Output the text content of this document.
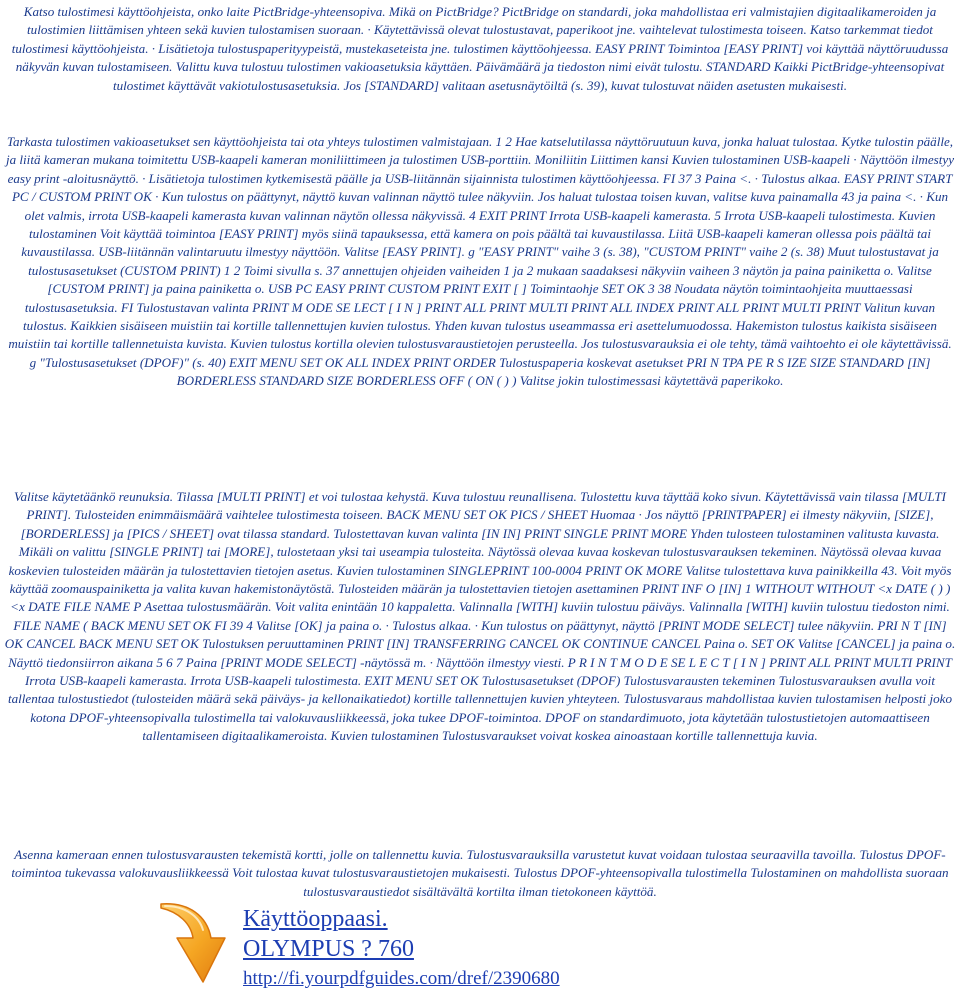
Katso tulostimesi käyttöohjeista, onko laite PictBridge-yhteensopiva. Mikä on PictBridge? PictBridge on standardi, joka mahdollistaa eri valmistajien digitaalikameroiden ja tulostimien liittämisen yhteen sekä kuvien tulostamisen suoraan. · Käytettävissä olevat tulostustavat, paperikoot jne. vaihtelevat tulostimesta toiseen. Katso tarkemmat tiedot tulostimesi käyttöohjeista. · Lisätietoja tulostuspaperityypeistä, mustekaseteista jne. tulostimen käyttöohjeessa. EASY PRINT Toimintoa [EASY PRINT] voi käyttää näyttöruudussa näkyvän kuvan tulostamiseen. Valittu kuva tulostuu tulostimen vakioasetuksia käyttäen. Päivämäärä ja tiedoston nimi eivät tulostu. STANDARD Kaikki PictBridge-yhteensopivat tulostimet käyttävät vakiotulostusasetuksia. Jos [STANDARD] valitaan asetusnäytöiltä (s. 39), kuvat tulostuvat näiden asetusten mukaisesti.

Tarkasta tulostimen vakioasetukset sen käyttöohjeista tai ota yhteys tulostimen valmistajaan. 1 2 Hae katselutilassa näyttöruutuun kuva, jonka haluat tulostaa. Kytke tulostin päälle, ja liitä kameran mukana toimitettu USB-kaapeli kameran moniliittimeen ja tulostimen USB-porttiin. Moniliitin Liittimen kansi Kuvien tulostaminen USB-kaapeli · Näyttöön ilmestyy easy print -aloitusnäyttö. · Lisätietoja tulostimen kytkemisestä päälle ja USB-liitännän sijainnista tulostimen käyttöohjeessa. FI 37 3 Paina <. · Tulostus alkaa. EASY PRINT START PC / CUSTOM PRINT OK · Kun tulostus on päättynyt, näyttö kuvan valinnan näyttö tulee näkyviin. Jos haluat tulostaa toisen kuvan, valitse kuva painamalla 43 ja paina <. · Kun olet valmis, irrota USB-kaapeli kamerasta kuvan valinnan näytön ollessa näkyvissä. 4 EXIT PRINT Irrota USB-kaapeli kamerasta. 5 Irrota USB-kaapeli tulostimesta. Kuvien tulostaminen Voit käyttää toimintoa [EASY PRINT] myös siinä tapauksessa, että kamera on pois päältä tai kuvaustilassa. Liitä USB-kaapeli kameran ollessa pois päältä tai kuvaustilassa. USB-liitännän valintaruutu ilmestyy näyttöön. Valitse [EASY PRINT]. g "EASY PRINT" vaihe 3 (s. 38), "CUSTOM PRINT" vaihe 2 (s. 38) Muut tulostustavat ja tulostusasetukset (CUSTOM PRINT) 1 2 Toimi sivulla s. 37 annettujen ohjeiden vaiheiden 1 ja 2 mukaan saadaksesi näkyviin vaiheen 3 näytön ja paina painiketta o. Valitse [CUSTOM PRINT] ja paina painiketta o. USB PC EASY PRINT CUSTOM PRINT EXIT [ ] Toimintaohje SET OK 3 38 Noudata näytön toimintaohjeita muuttaessasi tulostusasetuksia. FI Tulostustavan valinta PRINT M ODE SE LECT [ I N ] PRINT ALL PRINT MULTI PRINT ALL INDEX PRINT ALL PRINT MULTI PRINT Valitun kuvan tulostus. Kaikkien sisäiseen muistiin tai kortille tallennettujen kuvien tulostus. Yhden kuvan tulostus useammassa eri asettelumuodossa. Hakemiston tulostus kaikista sisäiseen muistiin tai kortille tallennetuista kuvista. Kuvien tulostus kortilla olevien tulostusvaraustietojen perusteella. Jos tulostusvarauksia ei ole tehty, tämä vaihtoehto ei ole käytettävissä. g "Tulostusasetukset (DPOF)" (s. 40) EXIT MENU SET OK ALL INDEX PRINT ORDER Tulostuspaperia koskevat asetukset PRI N TPA PE R S IZE SIZE STANDARD [IN] BORDERLESS STANDARD SIZE BORDERLESS OFF ( ON ( ) ) Valitse jokin tulostimessasi käytettävä paperikoko.

Valitse käytetäänkö reunuksia. Tilassa [MULTI PRINT] et voi tulostaa kehystä. Kuva tulostuu reunallisena. Tulostettu kuva täyttää koko sivun. Käytettävissä vain tilassa [MULTI PRINT]. Tulosteiden enimmäismäärä vaihtelee tulostimesta toiseen. BACK MENU SET OK PICS / SHEET Huomaa · Jos näyttö [PRINTPAPER] ei ilmesty näkyviin, [SIZE], [BORDERLESS] ja [PICS / SHEET] ovat tilassa standard. Tulostettavan kuvan valinta [IN IN] PRINT SINGLE PRINT MORE Yhden tulosteen tulostaminen valitusta kuvasta. Mikäli on valittu [SINGLE PRINT] tai [MORE], tulostetaan yksi tai useampia tulosteita. Näytössä olevaa kuvaa koskevan tulostusvarauksen tekeminen. Näytössä olevaa kuvaa koskevien tulosteiden määrän ja tulostettavien tietojen asetus. Kuvien tulostaminen SINGLEPRINT 100-0004 PRINT OK MORE Valitse tulostettava kuva painikkeilla 43. Voit myös käyttää zoomauspainiketta ja valita kuvan hakemistonäytöstä. Tulosteiden määrän ja tulostettavien tietojen asettaminen PRINT INF O [IN] 1 WITHOUT WITHOUT <x DATE ( ) ) <x DATE FILE NAME P Asettaa tulostusmäärän. Voit valita enintään 10 kappaletta. Valinnalla [WITH] kuviin tulostuu päiväys. Valinnalla [WITH] kuviin tulostuu tiedoston nimi. FILE NAME ( BACK MENU SET OK FI 39 4 Valitse [OK] ja paina o. · Tulostus alkaa. · Kun tulostus on päättynyt, näyttö [PRINT MODE SELECT] tulee näkyviin. PRI N T [IN] OK CANCEL BACK MENU SET OK Tulostuksen peruuttaminen PRINT [IN] TRANSFERRING CANCEL OK CONTINUE CANCEL Paina o. SET OK Valitse [CANCEL] ja paina o. Näyttö tiedonsiirron aikana 5 6 7 Paina [PRINT MODE SELECT] -näytössä m. · Näyttöön ilmestyy viesti. P R I N T M O D E SE L E C T [ I N ] PRINT ALL PRINT MULTI PRINT Irrota USB-kaapeli kamerasta. Irrota USB-kaapeli tulostimesta. EXIT MENU SET OK Tulostusasetukset (DPOF) Tulostusvarausten tekeminen Tulostusvarauksen avulla voit tallentaa tulostustiedot (tulosteiden määrä sekä päiväys- ja kellonaikatiedot) kortille tallennettujen kuvien yhteyteen. Tulostusvaraus mahdollistaa kuvien tulostamisen helposti joko kotona DPOF-yhteensopivalla tulostimella tai valokuvausliikkeessä, joka tukee DPOF-toimintoa. DPOF on standardimuoto, jota käytetään tulostustietojen automaattiseen tallentamiseen digitaalikameroista. Kuvien tulostaminen Tulostusvaraukset voivat koskea ainoastaan kortille tallennettuja kuvia.

Asenna kameraan ennen tulostusvarausten tekemistä kortti, jolle on tallennettu kuvia. Tulostusvarauksilla varustetut kuvat voidaan tulostaa seuraavilla tavoilla. Tulostus DPOF-toimintoa tukevassa valokuvausliikkeessä Voit tulostaa kuvat tulostusvaraustietojen mukaisesti. Tulostus DPOF-yhteensopivalla tulostimella Tulostaminen on mahdollista suoraan tulostusvaraustiedot sisältävältä kortilta ilman tietokoneen käyttöä.

Käyttöoppaasi.
OLYMPUS ? 760
http://fi.yourpdfguides.com/dref/2390680
